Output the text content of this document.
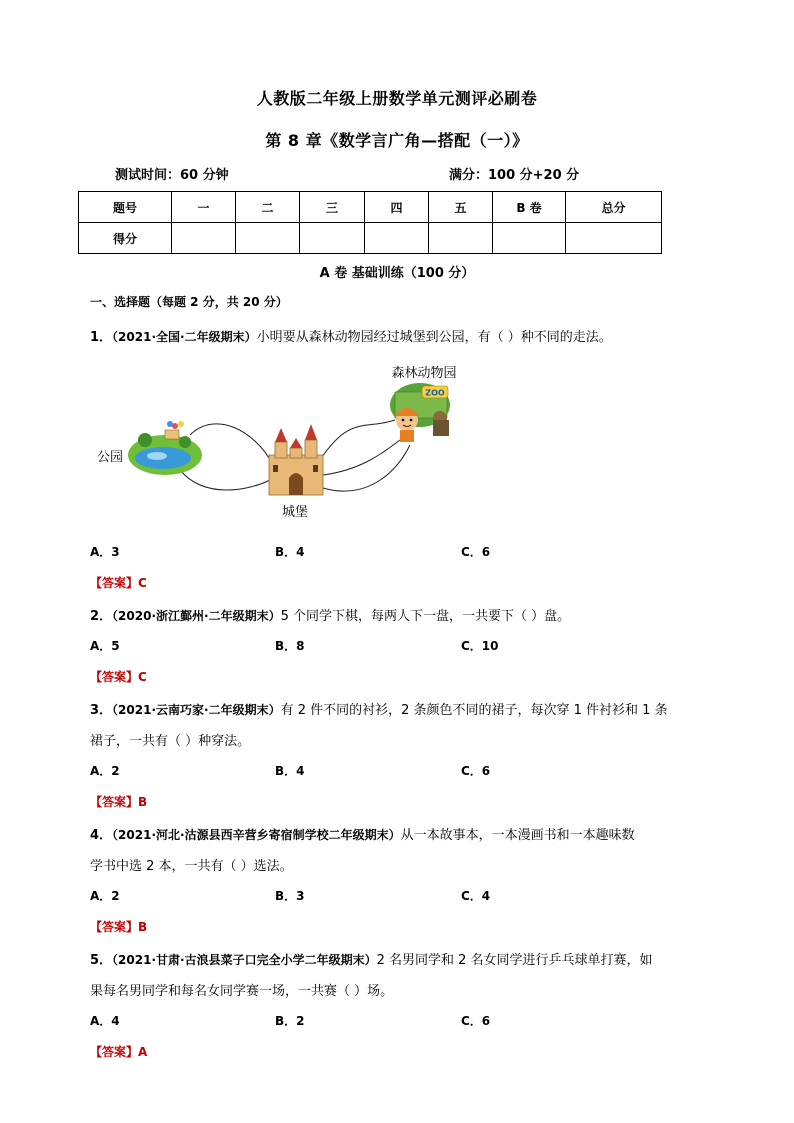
人教版二年级上册数学单元测评必刷卷
第 8 章《数学言广角—搭配（一）》
测试时间：60 分钟	满分：100 分+20 分
题号	一	二	三	四	五	B 卷	总分
得分							
A 卷 基础训练（100 分）
一、选择题（每题 2 分，共 20 分）
1．（2021·全国·二年级期末）小明要从森林动物园经过城堡到公园，有（ ）种不同的走法。
ZOO
公园
城堡
森林动物园
A．3	B．4	C．6
【答案】C
2．（2020·浙江鄞州·二年级期末）5 个同学下棋，每两人下一盘，一共要下（ ）盘。
A．5	B．8	C．10
【答案】C
3．（2021·云南巧家·二年级期末）有 2 件不同的衬衫，2 条颜色不同的裙子，每次穿 1 件衬衫和 1 条
裙子，一共有（ ）种穿法。
A．2	B．4	C．6
【答案】B
4．（2021·河北·沽源县西辛营乡寄宿制学校二年级期末）从一本故事本，一本漫画书和一本趣味数
学书中选 2 本，一共有（ ）选法。
A．2	B．3	C．4
【答案】B
5．（2021·甘肃·古浪县菜子口完全小学二年级期末）2 名男同学和 2 名女同学进行乒乓球单打赛，如
果每名男同学和每名女同学赛一场，一共赛（ ）场。
A．4	B．2	C．6
【答案】A
